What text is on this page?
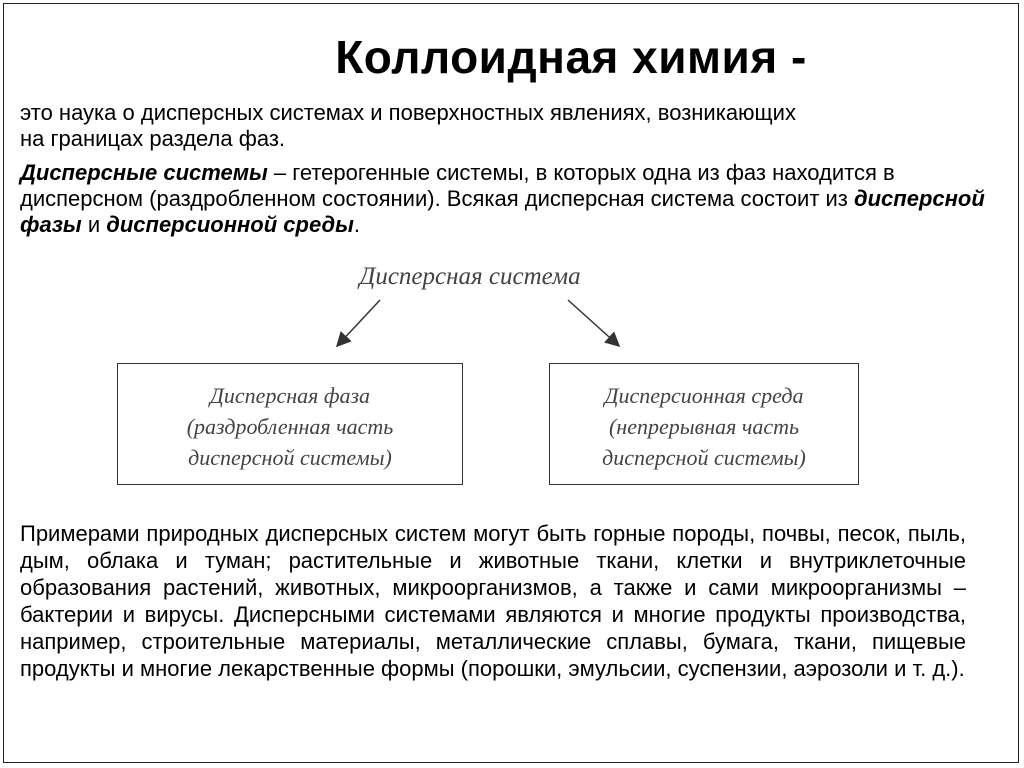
Коллоидная химия -
это наука о дисперсных системах и поверхностных явлениях, возникающих
на границах раздела фаз.
Дисперсные системы – гетерогенные системы, в которых одна из фаз находится в дисперсном (раздробленном состоянии). Всякая дисперсная система состоит из дисперсной фазы и дисперсионной среды.
Дисперсная система
Дисперсная фаза
(раздробленная часть
дисперсной системы)
Дисперсионная среда
(непрерывная часть
дисперсной системы)
Примерами природных дисперсных систем могут быть горные породы, почвы, песок, пыль, дым, облака и туман; растительные и животные ткани, клетки и внутриклеточные образования растений, животных, микроорганизмов, а также и сами микроорганизмы – бактерии и вирусы. Дисперсными системами являются и многие продукты производства, например, строительные материалы, металлические сплавы, бумага, ткани, пищевые продукты и многие лекарственные формы (порошки, эмульсии, суспензии, аэрозоли и т. д.).
